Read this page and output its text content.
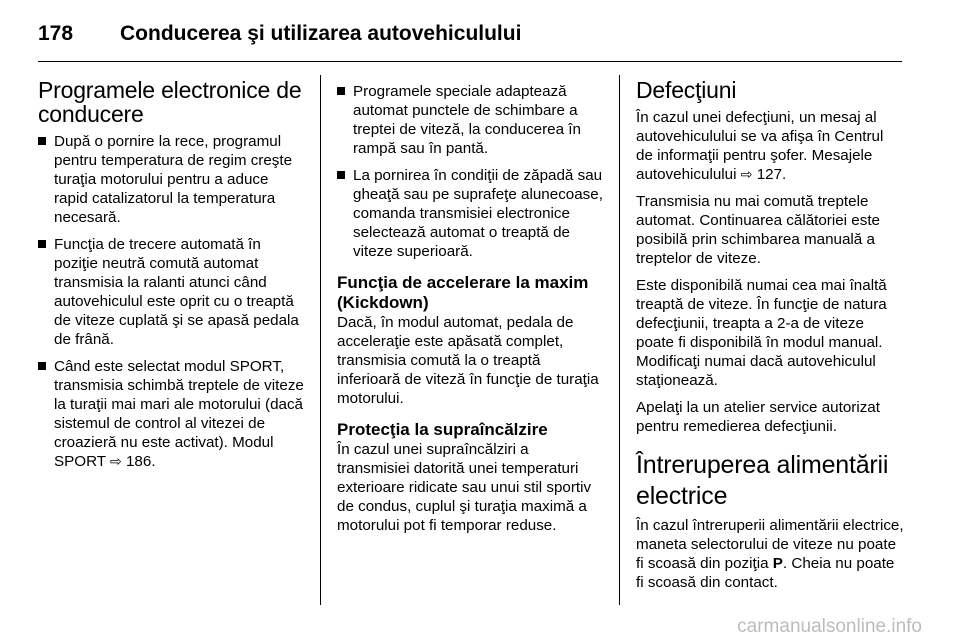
178 Conducerea şi utilizarea autovehiculului
Programele electronice de conducere
După o pornire la rece, programul pentru temperatura de regim creşte turaţia motorului pentru a aduce rapid catalizatorul la temperatura necesară.
Funcţia de trecere automată în poziţie neutră comută automat transmisia la ralanti atunci când autovehiculul este oprit cu o treaptă de viteze cuplată şi se apasă pedala de frână.
Când este selectat modul SPORT, transmisia schimbă treptele de viteze la turaţii mai mari ale motorului (dacă sistemul de control al vitezei de croazieră nu este activat). Modul SPORT ⇨ 186.
Programele speciale adaptează automat punctele de schimbare a treptei de viteză, la conducerea în rampă sau în pantă.
La pornirea în condiţii de zăpadă sau gheaţă sau pe suprafeţe alunecoase, comanda transmisiei electronice selectează automat o treaptă de viteze superioară.
Funcţia de accelerare la maxim (Kickdown)

Dacă, în modul automat, pedala de acceleraţie este apăsată complet, transmisia comută la o treaptă inferioară de viteză în funcţie de turaţia motorului.

Protecţia la supraîncălzire

În cazul unei supraîncălziri a transmisiei datorită unei temperaturi exterioare ridicate sau unui stil sportiv de condus, cuplul şi turaţia maximă a motorului pot fi temporar reduse.

Defecţiuni

În cazul unei defecţiuni, un mesaj al autovehiculului se va afişa în Centrul de informaţii pentru şofer. Mesajele autovehiculului ⇨ 127.

Transmisia nu mai comută treptele automat. Continuarea călătoriei este posibilă prin schimbarea manuală a treptelor de viteze.

Este disponibilă numai cea mai înaltă treaptă de viteze. În funcţie de natura defecţiunii, treapta a 2-a de viteze poate fi disponibilă în modul manual. Modificaţi numai dacă autovehiculul staţionează.

Apelaţi la un atelier service autorizat pentru remedierea defecţiunii.

Întreruperea alimentării electrice

În cazul întreruperii alimentării electrice, maneta selectorului de viteze nu poate fi scoasă din poziţia P. Cheia nu poate fi scoasă din contact.

carmanualsonline.info
